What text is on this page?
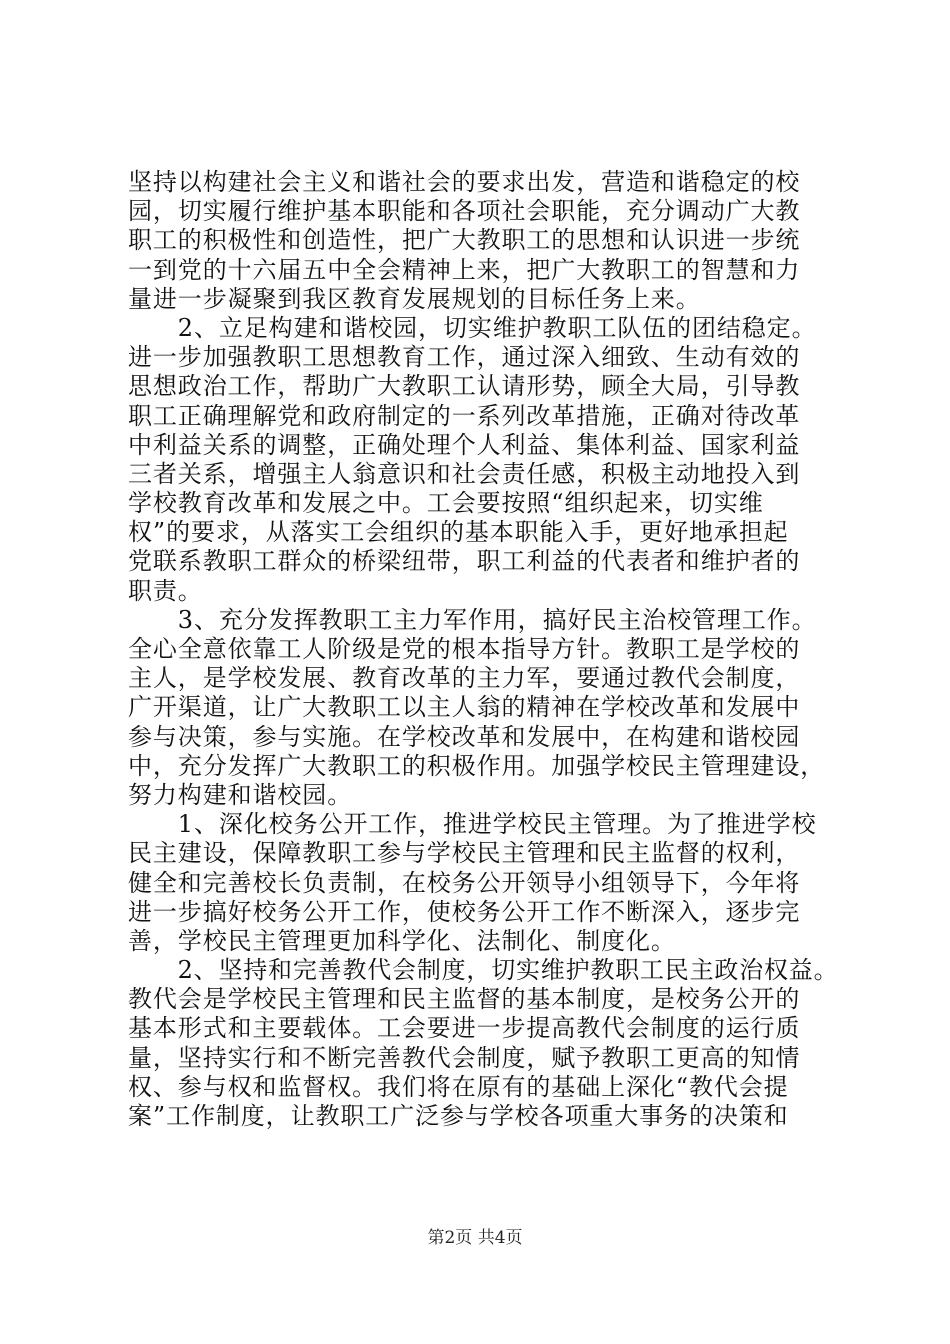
坚持以构建社会主义和谐社会的要求出发，营造和谐稳定的校
园，切实履行维护基本职能和各项社会职能，充分调动广大教
职工的积极性和创造性，把广大教职工的思想和认识进一步统
一到党的十六届五中全会精神上来，把广大教职工的智慧和力
量进一步凝聚到我区教育发展规划的目标任务上来。
　　2、立足构建和谐校园，切实维护教职工队伍的团结稳定。
进一步加强教职工思想教育工作，通过深入细致、生动有效的
思想政治工作，帮助广大教职工认请形势，顾全大局，引导教
职工正确理解党和政府制定的一系列改革措施，正确对待改革
中利益关系的调整，正确处理个人利益、集体利益、国家利益
三者关系，增强主人翁意识和社会责任感，积极主动地投入到
学校教育改革和发展之中。工会要按照“组织起来，切实维
权”的要求，从落实工会组织的基本职能入手，更好地承担起
党联系教职工群众的桥梁纽带，职工利益的代表者和维护者的
职责。
　　3、充分发挥教职工主力军作用，搞好民主治校管理工作。
全心全意依靠工人阶级是党的根本指导方针。教职工是学校的
主人，是学校发展、教育改革的主力军，要通过教代会制度，
广开渠道，让广大教职工以主人翁的精神在学校改革和发展中
参与决策，参与实施。在学校改革和发展中，在构建和谐校园
中，充分发挥广大教职工的积极作用。加强学校民主管理建设，
努力构建和谐校园。
　　1、深化校务公开工作，推进学校民主管理。为了推进学校
民主建设，保障教职工参与学校民主管理和民主监督的权利，
健全和完善校长负责制，在校务公开领导小组领导下，今年将
进一步搞好校务公开工作，使校务公开工作不断深入，逐步完
善，学校民主管理更加科学化、法制化、制度化。
　　2、坚持和完善教代会制度，切实维护教职工民主政治权益。
教代会是学校民主管理和民主监督的基本制度，是校务公开的
基本形式和主要载体。工会要进一步提高教代会制度的运行质
量，坚持实行和不断完善教代会制度，赋予教职工更高的知情
权、参与权和监督权。我们将在原有的基础上深化“教代会提
案”工作制度，让教职工广泛参与学校各项重大事务的决策和
第2页 共4页
